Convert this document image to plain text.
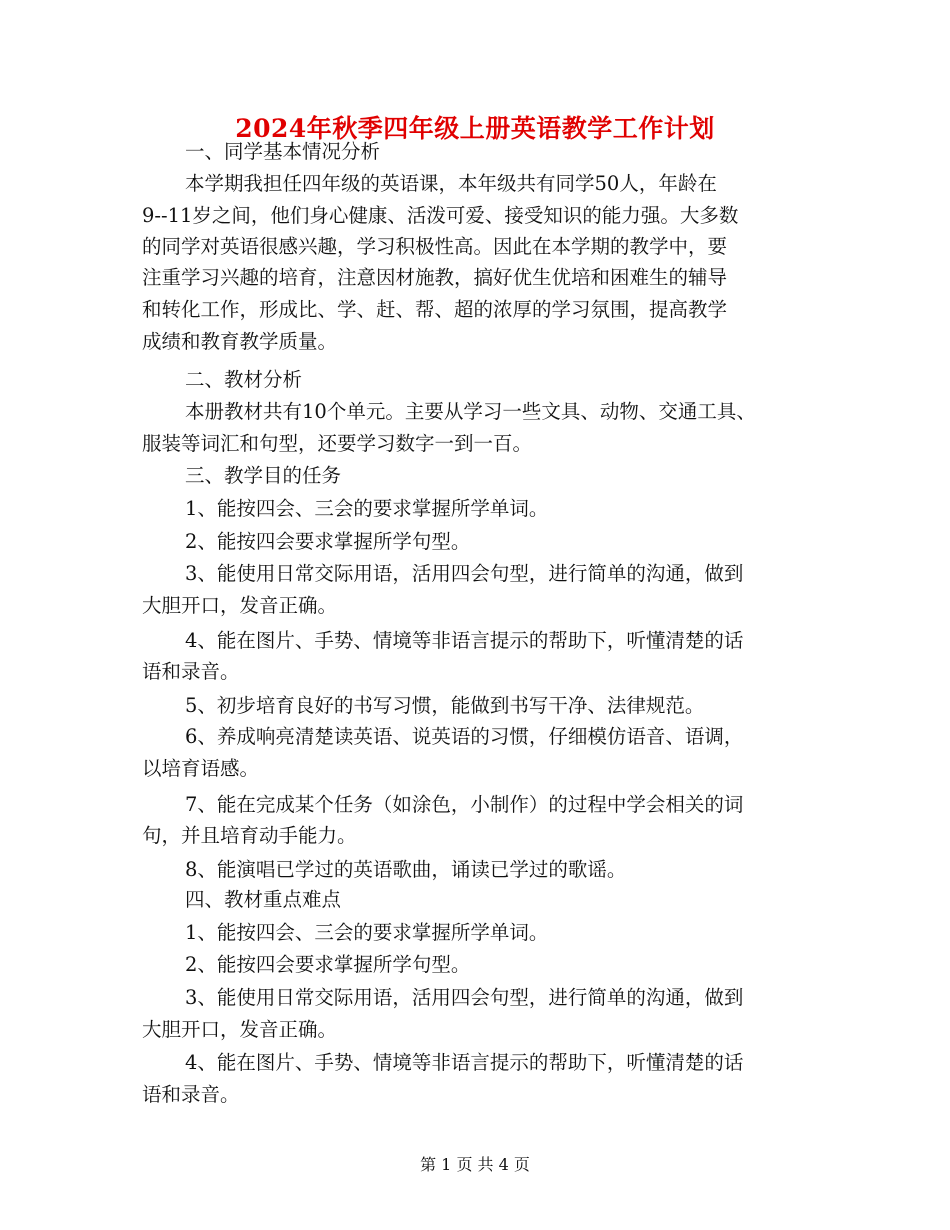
2024年秋季四年级上册英语教学工作计划
一、同学基本情况分析
本学期我担任四年级的英语课，本年级共有同学50人，年龄在
9--11岁之间，他们身心健康、活泼可爱、接受知识的能力强。大多数
的同学对英语很感兴趣，学习积极性高。因此在本学期的教学中，要
注重学习兴趣的培育，注意因材施教，搞好优生优培和困难生的辅导
和转化工作，形成比、学、赶、帮、超的浓厚的学习氛围，提高教学
成绩和教育教学质量。
二、教材分析
本册教材共有10个单元。主要从学习一些文具、动物、交通工具、
服装等词汇和句型，还要学习数字一到一百。
三、教学目的任务
1、能按四会、三会的要求掌握所学单词。
2、能按四会要求掌握所学句型。
3、能使用日常交际用语，活用四会句型，进行简单的沟通，做到
大胆开口，发音正确。
4、能在图片、手势、情境等非语言提示的帮助下，听懂清楚的话
语和录音。
5、初步培育良好的书写习惯，能做到书写干净、法律规范。
6、养成响亮清楚读英语、说英语的习惯，仔细模仿语音、语调，
以培育语感。
7、能在完成某个任务（如涂色，小制作）的过程中学会相关的词
句，并且培育动手能力。
8、能演唱已学过的英语歌曲，诵读已学过的歌谣。
四、教材重点难点
1、能按四会、三会的要求掌握所学单词。
2、能按四会要求掌握所学句型。
3、能使用日常交际用语，活用四会句型，进行简单的沟通，做到
大胆开口，发音正确。
4、能在图片、手势、情境等非语言提示的帮助下，听懂清楚的话
语和录音。
第 1 页 共 4 页
